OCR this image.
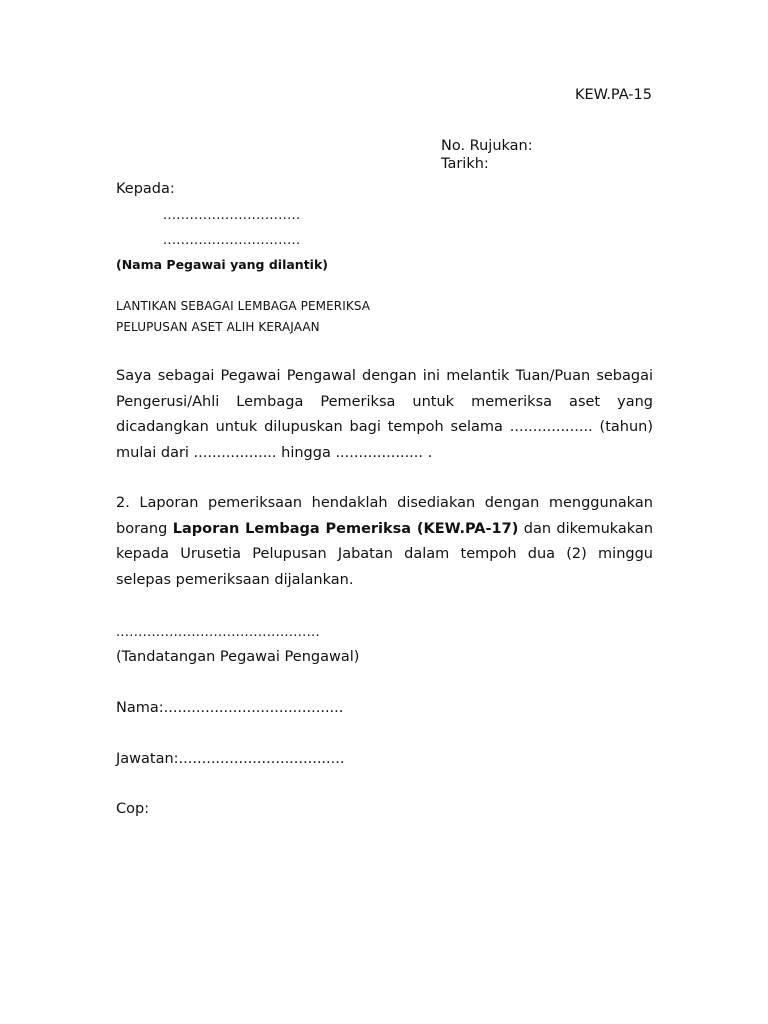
KEW.PA-15
No. Rujukan:
Tarikh:
Kepada:
...............................
...............................
(Nama Pegawai yang dilantik)
LANTIKAN SEBAGAI LEMBAGA PEMERIKSA
PELUPUSAN ASET ALIH KERAJAAN
Saya sebagai Pegawai Pengawal dengan ini melantik Tuan/Puan sebagai Pengerusi/Ahli Lembaga Pemeriksa untuk memeriksa aset yang dicadangkan untuk dilupuskan bagi tempoh selama .................. (tahun) mulai dari .................. hingga ................... .
2. Laporan pemeriksaan hendaklah disediakan dengan menggunakan borang Laporan Lembaga Pemeriksa (KEW.PA-17) dan dikemukakan kepada Urusetia Pelupusan Jabatan dalam tempoh dua (2) minggu selepas pemeriksaan dijalankan.
..............................................
(Tandatangan Pegawai Pengawal)
Nama:.......................................
Jawatan:....................................
Cop:
